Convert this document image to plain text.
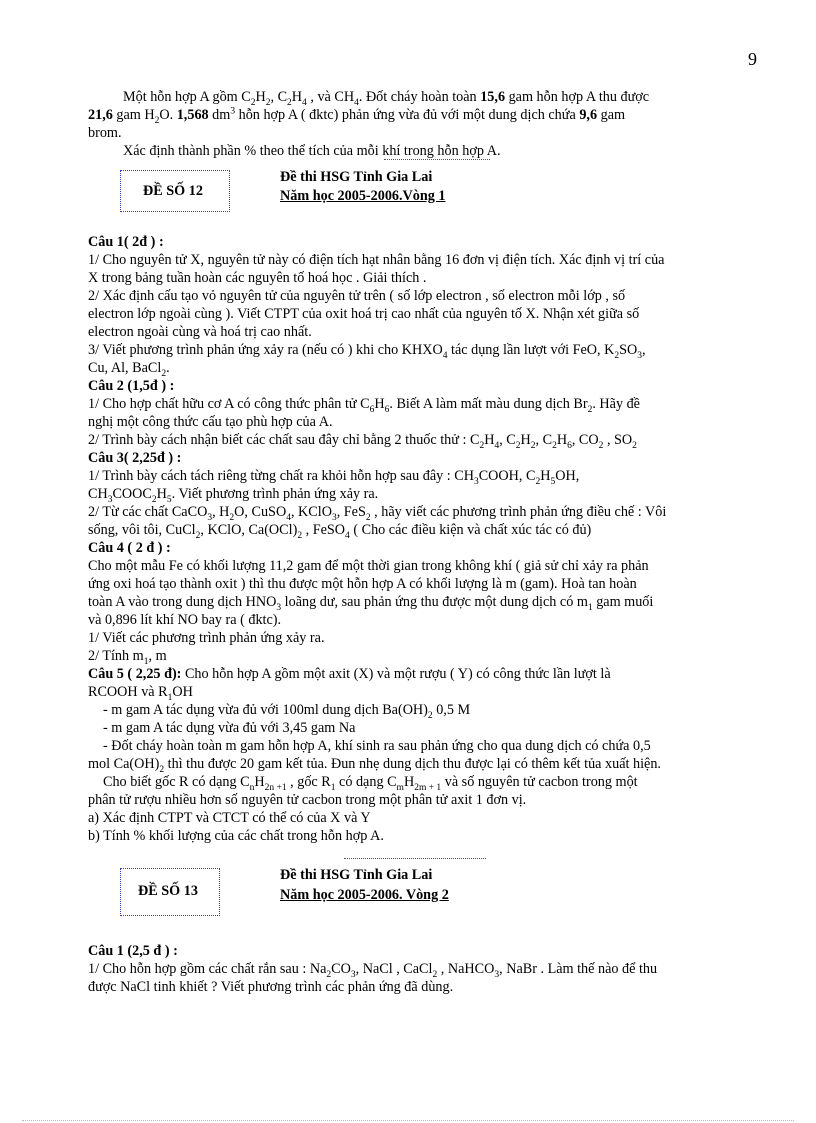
9
Một hỗn hợp A gồm $C_2H_2$, $C_2H_4$ , và $CH_4$. Đốt cháy hoàn toàn 15,6 gam hỗn hợp A thu được
21,6 gam $H_2O$. 1,568 $dm^3$ hỗn hợp A ( đktc) phản ứng vừa đủ với một dung dịch chứa 9,6 gam
brom.
Xác định thành phần % theo thể tích của mỗi khí trong hỗn hợp A.
Câu 1( 2đ ) :
1/ Cho nguyên tử X, nguyên tử này có điện tích hạt nhân bằng 16 đơn vị điện tích. Xác định vị trí của
X trong bảng tuần hoàn các nguyên tố hoá học . Giải thích .
2/ Xác định cấu tạo vỏ nguyên tử của nguyên tử trên ( số lớp electron , số electron mỗi lớp , số
electron lớp ngoài cùng ). Viết CTPT của oxit hoá trị cao nhất của nguyên tố X. Nhận xét giữa số
electron ngoài cùng và hoá trị cao nhất.
3/ Viết phương trình phản ứng xảy ra (nếu có ) khi cho $KHXO_4$ tác dụng lần lượt với FeO, $K_2SO_3$,
Cu, Al, BaCl$_2$.
Câu 2 (1,5đ ) :
1/ Cho hợp chất hữu cơ A có công thức phân tử $C_6H_6$. Biết A làm mất màu dung dịch $Br_2$. Hãy đề
nghị một công thức cấu tạo phù hợp của A.
2/ Trình bày cách nhận biết các chất sau đây chỉ bằng 2 thuốc thử : $C_2H_4$, $C_2H_2$, $C_2H_6$, $CO_2$ , $SO_2$
Câu 3( 2,25đ ) :
1/ Trình bày cách tách riêng từng chất ra khỏi hỗn hợp sau đây : $CH_3COOH$, $C_2H_5OH$,
$CH_3COOC_2H_5$. Viết phương trình phản ứng xảy ra.
2/ Từ các chất CaCO$_3$, $H_2O$, CuSO$_4$, KClO$_3$, FeS$_2$ , hãy viết các phương trình phản ứng điều chế : Vôi
sống, vôi tôi, CuCl$_2$, KClO, $Ca(OCl)_2$ , FeSO$_4$ ( Cho các điều kiện và chất xúc tác có đủ)
Câu 4 ( 2 đ ) :
Cho một mẫu Fe có khối lượng 11,2 gam để một thời gian trong không khí ( giả sử chỉ xảy ra phản
ứng oxi hoá tạo thành oxit ) thì thu được một hỗn hợp A có khối lượng là m (gam). Hoà tan hoàn
toàn A vào trong dung dịch $HNO_3$ loãng dư, sau phản ứng thu được một dung dịch có $m_1$ gam muối
và 0,896 lít khí NO bay ra ( đktc).
1/ Viết các phương trình phản ứng xảy ra.
2/ Tính $m_1$, m
Câu 5 ( 2,25 đ): Cho hỗn hợp A gồm một axit (X) và một rượu ( Y) có công thức lần lượt là
RCOOH và $R_1OH$
- m gam A tác dụng vừa đủ với 100ml dung dịch $Ba(OH)_2$ 0,5 M
- m gam A tác dụng vừa đủ với 3,45 gam Na
- Đốt cháy hoàn toàn m gam hỗn hợp A, khí sinh ra sau phản ứng cho qua dung dịch có chứa 0,5
mol $Ca(OH)_2$ thì thu được 20 gam kết tủa. Đun nhẹ dung dịch thu được lại có thêm kết tủa xuất hiện.
Cho biết gốc R có dạng $C_nH_{2n +1}$ , gốc $R_1$ có dạng $C_mH_{2m + 1}$ và số nguyên tử cacbon trong một
phân tử rượu nhiều hơn số nguyên tử cacbon trong một phân tử axit 1 đơn vị.
a) Xác định CTPT và CTCT có thể có của X và Y
b) Tính % khối lượng của các chất trong hỗn hợp A.
Câu 1 (2,5 đ ) :
1/ Cho hỗn hợp gồm các chất rắn sau : $Na_2CO_3$, NaCl , CaCl$_2$ , NaHCO$_3$, NaBr . Làm thế nào để thu
được NaCl tinh khiết ? Viết phương trình các phản ứng đã dùng.
ĐỀ SỐ 12
Đề thi HSG Tỉnh Gia Lai
Năm học 2005-2006.Vòng 1
ĐỀ SỐ 13
Đề thi HSG Tỉnh Gia Lai
Năm học 2005-2006. Vòng 2
